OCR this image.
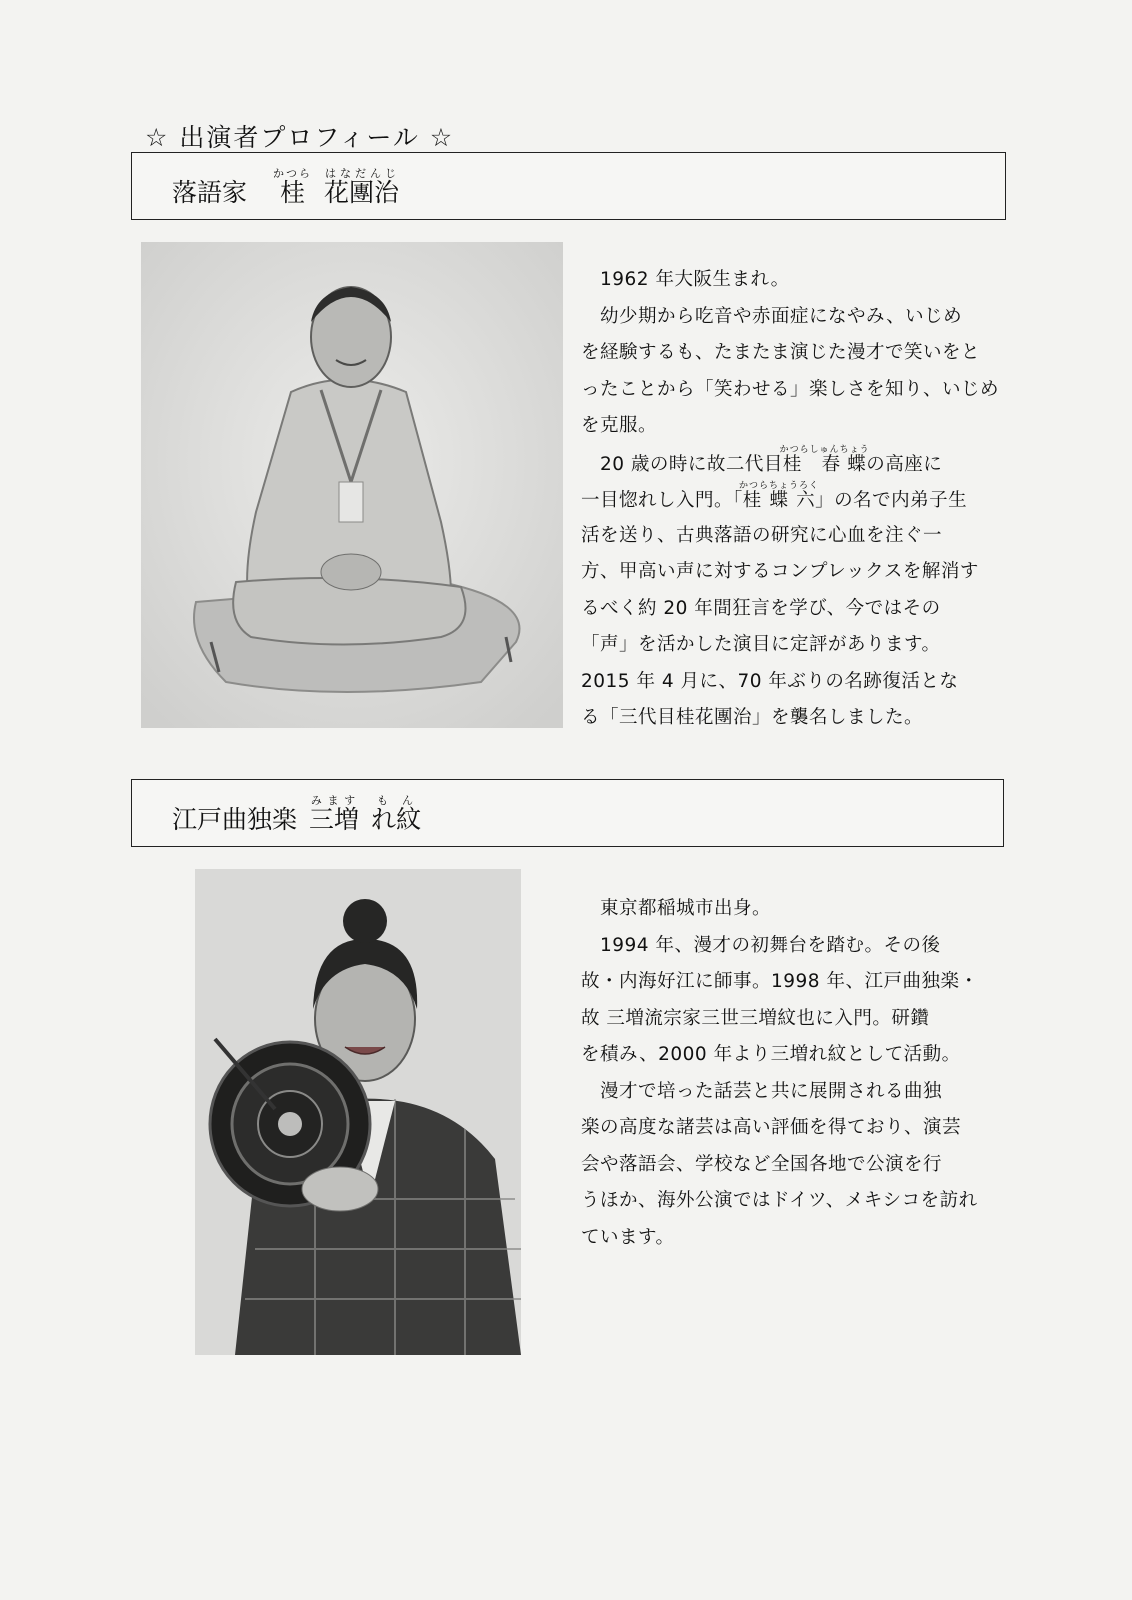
☆ 出演者プロフィール ☆
落語家 桂かつら
花團治はなだんじ
1962 年大阪生まれ。
幼少期から吃音や赤面症になやみ、いじめ
を経験するも、たまたま演じた漫才で笑いをと
ったことから「笑わせる」楽しさを知り、いじめ
を克服。
20 歳の時に故二代目桂 春蝶かつらしゅんちょうの高座に
一目惚れし入門。「桂蝶六かつらちょうろく」の名で内弟子生
活を送り、古典落語の研究に心血を注ぐ一
方、甲高い声に対するコンプレックスを解消す
るべく約 20 年間狂言を学び、今ではその
「声」を活かした演目に定評があります。
2015 年 4 月に、70 年ぶりの名跡復活とな
る「三代目桂花團治」を襲名しました。
江戸曲独楽 三増みます
れ紋もん
東京都稲城市出身。
1994 年、漫才の初舞台を踏む。その後
故・内海好江に師事。1998 年、江戸曲独楽・
故 三増流宗家三世三増紋也に入門。研鑽
を積み、2000 年より三増れ紋として活動。
漫才で培った話芸と共に展開される曲独
楽の高度な諸芸は高い評価を得ており、演芸
会や落語会、学校など全国各地で公演を行
うほか、海外公演ではドイツ、メキシコを訪れ
ています。
